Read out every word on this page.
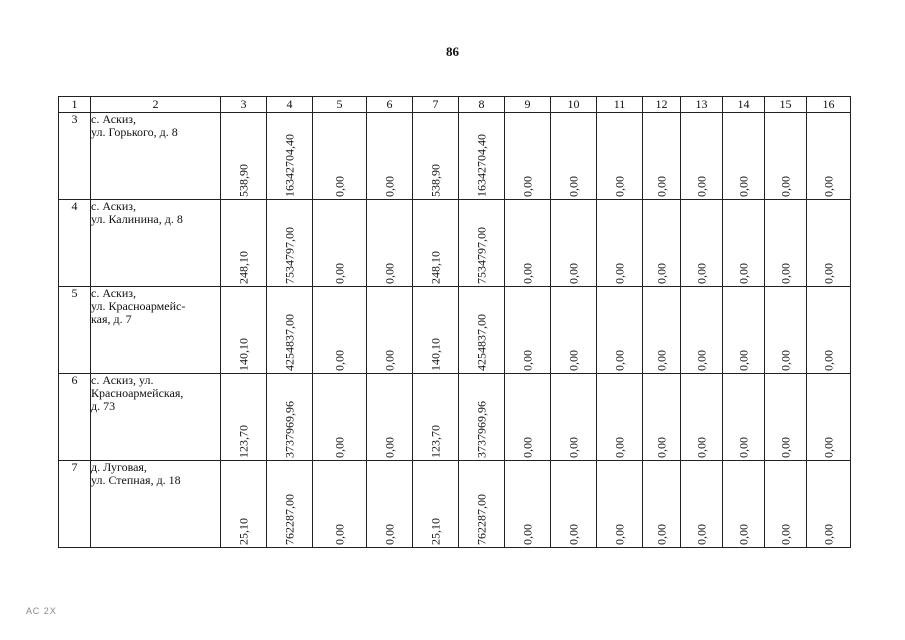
86
1	2	3	4	5	6	7	8	9	10	11	12	13	14	15	16
3	с. Аскиз,
ул. Горького, д. 8	538,90	16342704,40	0,00	0,00	538,90	16342704,40	0,00	0,00	0,00	0,00	0,00	0,00	0,00	0,00

4	с. Аскиз,
ул. Калинина, д. 8	248,10	7534797,00	0,00	0,00	248,10	7534797,00	0,00	0,00	0,00	0,00	0,00	0,00	0,00	0,00

5	с. Аскиз,
ул. Красноармейс-
кая, д. 7	140,10	4254837,00	0,00	0,00	140,10	4254837,00	0,00	0,00	0,00	0,00	0,00	0,00	0,00	0,00

6	с. Аскиз, ул.
Красноармейская,
д. 73	123,70	3737969,96	0,00	0,00	123,70	3737969,96	0,00	0,00	0,00	0,00	0,00	0,00	0,00	0,00

7	д. Луговая,
ул. Степная, д. 18	25,10	762287,00	0,00	0,00	25,10	762287,00	0,00	0,00	0,00	0,00	0,00	0,00	0,00	0,00
АС 2Х
